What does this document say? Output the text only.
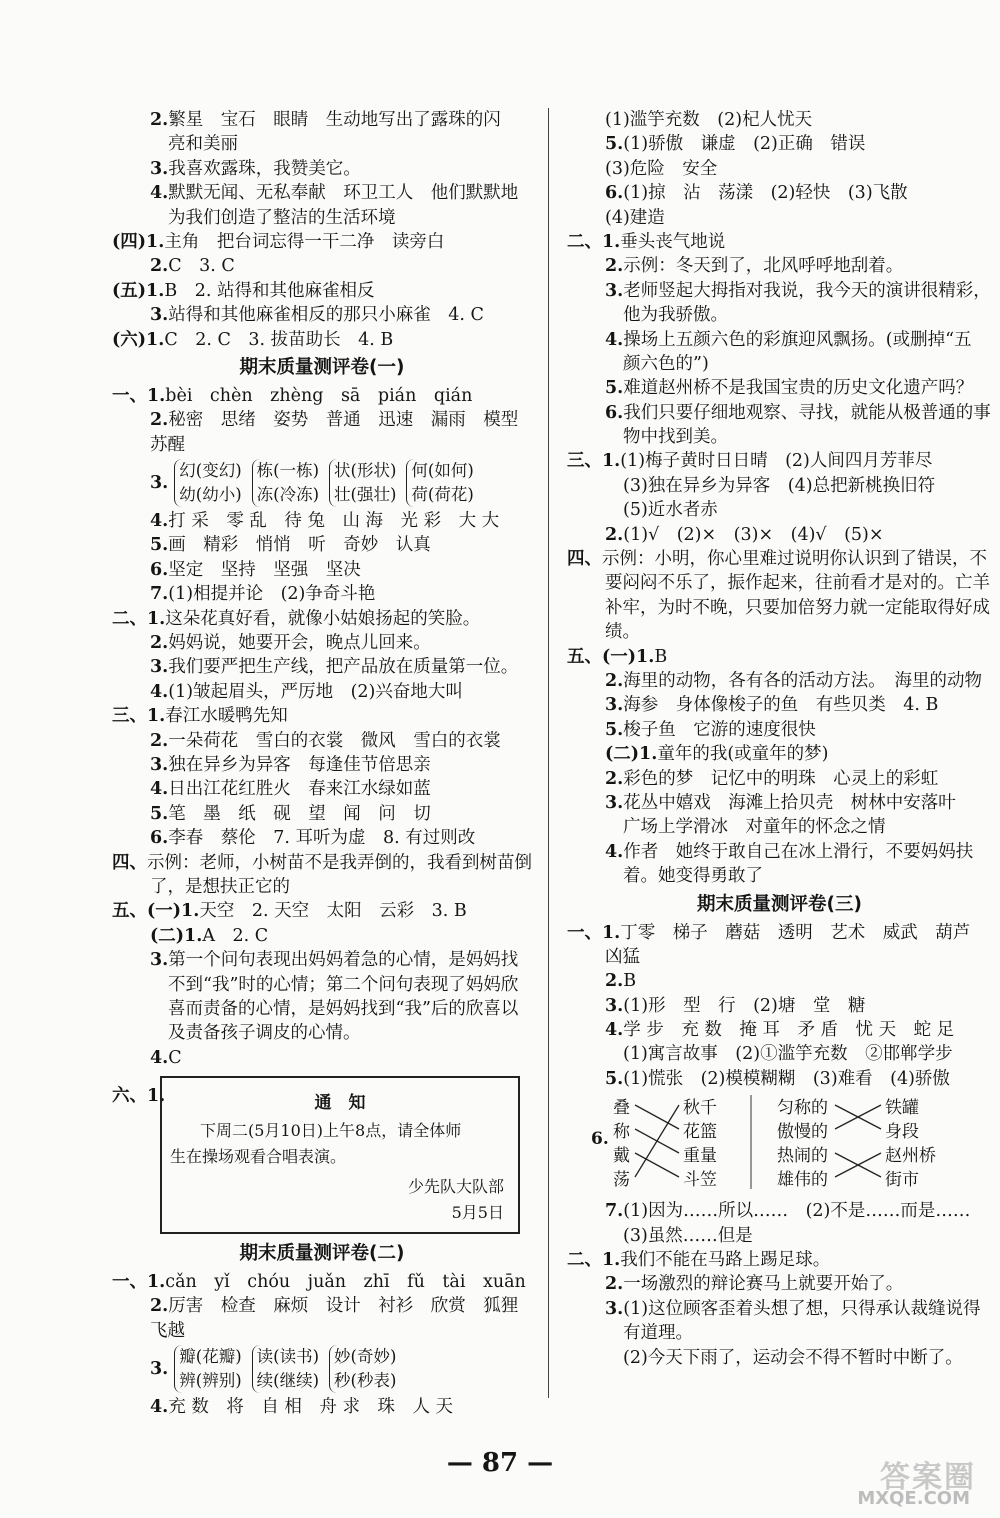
2.繁星　宝石　眼睛　生动地写出了露珠的闪
亮和美丽
3.我喜欢露珠，我赞美它。
4.默默无闻、无私奉献　环卫工人　他们默默地
为我们创造了整洁的生活环境
(四)1.主角　把台词忘得一干二净　读旁白
2.C　3. C
(五)1.B　2. 站得和其他麻雀相反
3.站得和其他麻雀相反的那只小麻雀　4. C
(六)1.C　2. C　3. 拔苗助长　4. B
期末质量测评卷(一)
一、1.bèi　chèn　zhèng　sā　pián　qián
2.秘密　思绪　姿势　普通　迅速　漏雨　模型
苏醒
3.
幻(变幻)
幼(幼小)
栋(一栋)
冻(冷冻)
状(形状)
壮(强壮)
何(如何)
荷(荷花)
4.打 采　零 乱　待 兔　山 海　光 彩　大 大
5.画　精彩　悄悄　听　奇妙　认真
6.坚定　坚持　坚强　坚决
7.(1)相提并论　(2)争奇斗艳
二、1.这朵花真好看，就像小姑娘扬起的笑脸。
2.妈妈说，她要开会，晚点儿回来。
3.我们要严把生产线，把产品放在质量第一位。
4.(1)皱起眉头，严厉地　(2)兴奋地大叫
三、1.春江水暖鸭先知
2.一朵荷花　雪白的衣裳　微风　雪白的衣裳
3.独在异乡为异客　每逢佳节倍思亲
4.日出江花红胜火　春来江水绿如蓝
5.笔　墨　纸　砚　望　闻　问　切
6.李春　蔡伦　7. 耳听为虚　8. 有过则改
四、示例：老师，小树苗不是我弄倒的，我看到树苗倒
了，是想扶正它的
五、(一)1.天空　2. 天空　太阳　云彩　3. B
(二)1.A　2. C
3.第一个问句表现出妈妈着急的心情，是妈妈找
不到“我”时的心情；第二个问句表现了妈妈欣
喜而责备的心情，是妈妈找到“我”后的欣喜以
及责备孩子调皮的心情。
4.C
六、1.	通　知
下周二(5月10日)上午8点，请全体师
生在操场观看合唱表演。
少先队大队部
5月5日
期末质量测评卷(二)
一、1.cǎn　yǐ　chóu　juǎn　zhī　fǔ　tài　xuān
2.厉害　检查　麻烦　设计　衬衫　欣赏　狐狸
飞越
3.
瓣(花瓣)
辨(辨别)
读(读书)
续(继续)
妙(奇妙)
秒(秒表)
4.充 数　将　自 相　舟 求　珠　人 天
(1)滥竽充数　(2)杞人忧天
5.(1)骄傲　谦虚　(2)正确　错误
(3)危险　安全
6.(1)掠　沾　荡漾　(2)轻快　(3)飞散
(4)建造
二、1.垂头丧气地说
2.示例：冬天到了，北风呼呼地刮着。
3.老师竖起大拇指对我说，我今天的演讲很精彩，
他为我骄傲。
4.操场上五颜六色的彩旗迎风飘扬。(或删掉“五
颜六色的”)
5.难道赵州桥不是我国宝贵的历史文化遗产吗？
6.我们只要仔细地观察、寻找，就能从极普通的事
物中找到美。
三、1.(1)梅子黄时日日晴　(2)人间四月芳菲尽
(3)独在异乡为异客　(4)总把新桃换旧符
(5)近水者赤
2.(1)√　(2)×　(3)×　(4)√　(5)×
四、示例：小明，你心里难过说明你认识到了错误，不
要闷闷不乐了，振作起来，往前看才是对的。亡羊
补牢，为时不晚，只要加倍努力就一定能取得好成
绩。
五、(一)1.B
2.海里的动物，各有各的活动方法。　海里的动物
3.海参　身体像梭子的鱼　有些贝类　4. B
5.梭子鱼　它游的速度很快
(二)1.童年的我(或童年的梦)
2.彩色的梦　记忆中的明珠　心灵上的彩虹
3.花丛中嬉戏　海滩上拾贝壳　树林中安落叶
广场上学滑冰　对童年的怀念之情
4.作者　她终于敢自己在冰上滑行，不要妈妈扶
着。她变得勇敢了
期末质量测评卷(三)
一、1.丁零　梯子　蘑菇　透明　艺术　威武　葫芦
凶猛
2.B
3.(1)形　型　行　(2)塘　堂　糖
4.学 步　充 数　掩 耳　矛 盾　忧 天　蛇 足
(1)寓言故事　(2)①滥竽充数　②邯郸学步
5.(1)慌张　(2)模模糊糊　(3)难看　(4)骄傲
6.
叠
称
戴
荡
秋千
花篮
重量
斗笠
匀称的
傲慢的
热闹的
雄伟的
铁罐
身段
赵州桥
街市
7.(1)因为……所以……　(2)不是……而是……
(3)虽然……但是
二、1.我们不能在马路上踢足球。
2.一场激烈的辩论赛马上就要开始了。
3.(1)这位顾客歪着头想了想，只得承认裁缝说得
有道理。
(2)今天下雨了，运动会不得不暂时中断了。
— 87 —	答案圈
MXQE.COM
